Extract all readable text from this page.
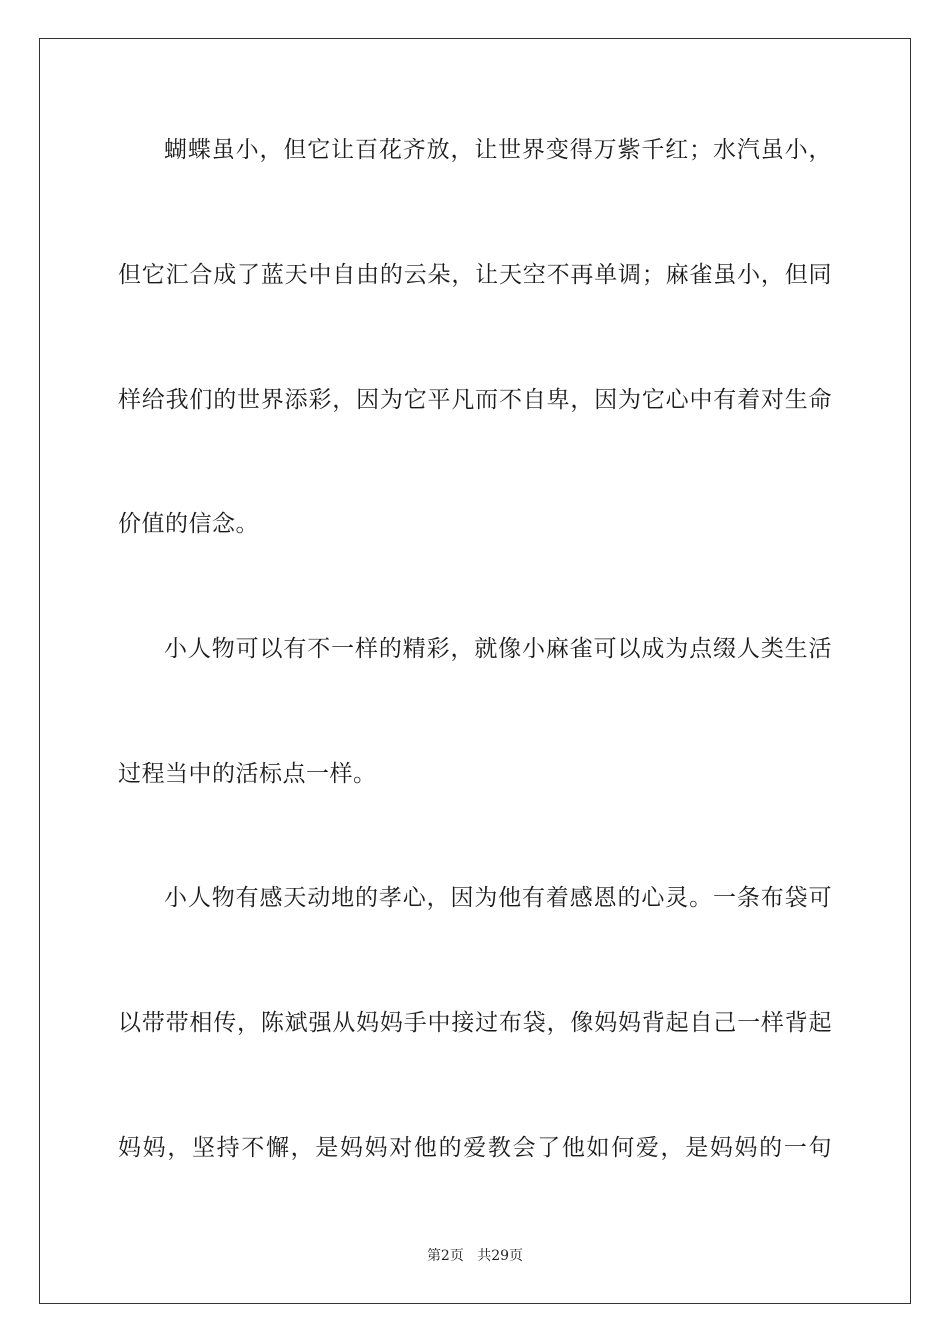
蝴蝶虽小，但它让百花齐放，让世界变得万紫千红；水汽虽小，
但它汇合成了蓝天中自由的云朵，让天空不再单调；麻雀虽小，但同
样给我们的世界添彩，因为它平凡而不自卑，因为它心中有着对生命
价值的信念。
小人物可以有不一样的精彩，就像小麻雀可以成为点缀人类生活
过程当中的活标点一样。
小人物有感天动地的孝心，因为他有着感恩的心灵。一条布袋可
以带带相传，陈斌强从妈妈手中接过布袋，像妈妈背起自己一样背起
妈妈，坚持不懈，是妈妈对他的爱教会了他如何爱，是妈妈的一句
第2页 共29页
